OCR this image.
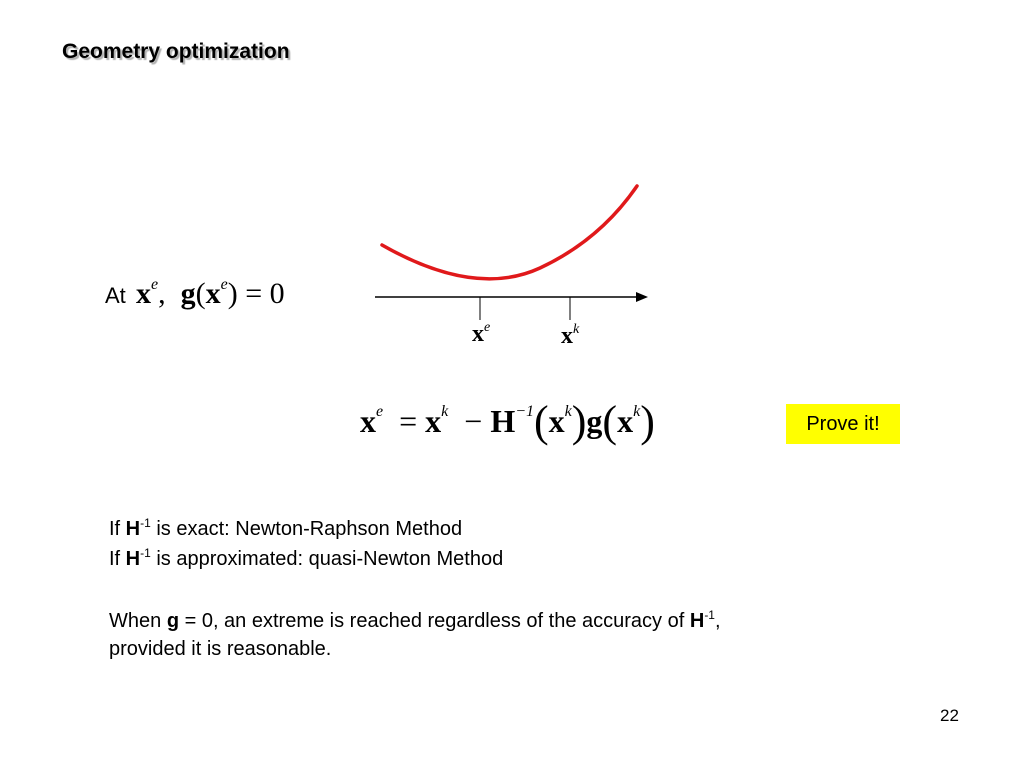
Geometry optimization
At $x^e$, $g(x^e) = 0$
$x^e$	$x^k$
$x^e = x^k - H^{-1}(x^k)g(x^k)$	Prove it!
If $H^{-1}$ is exact: Newton-Raphson Method
If $H^{-1}$ is approximated: quasi-Newton Method
When g = 0, an extreme is reached regardless of the accuracy of $H^{-1}$,
provided it is reasonable.
22
